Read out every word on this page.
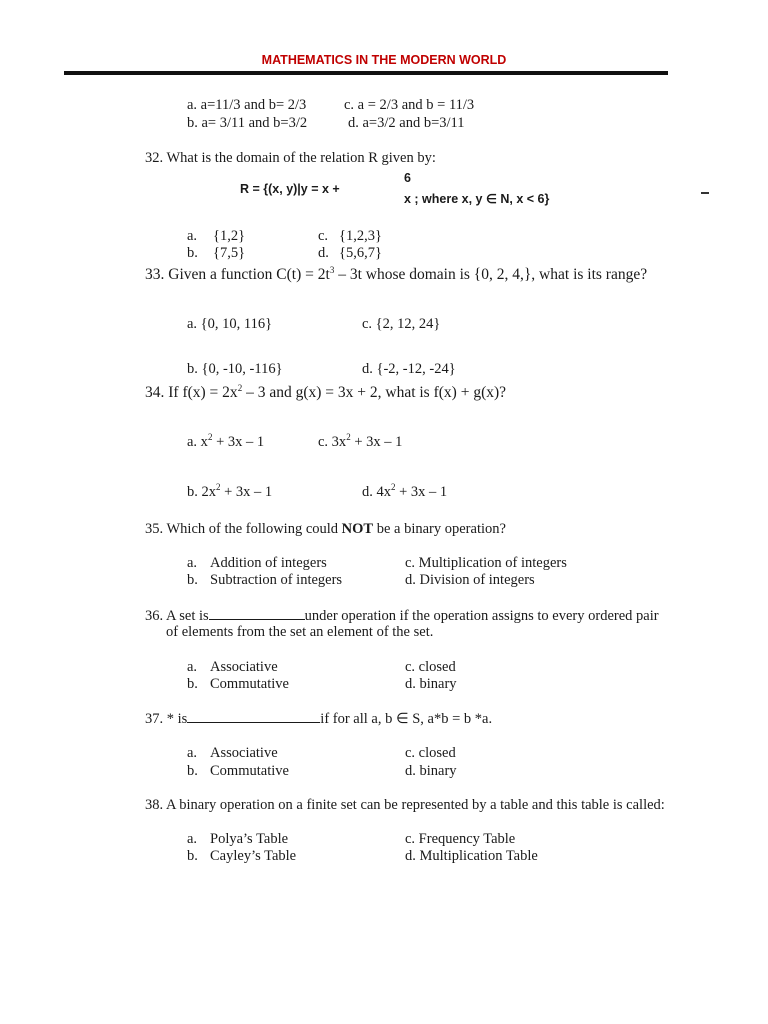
MATHEMATICS IN THE MODERN WORLD
a. a=11/3 and b= 2/3	c. a = 2/3 and b = 11/3
b. a= 3/11 and b=3/2	d. a=3/2 and b=3/11
32. What is the domain of the relation R given by:
R = {(x, y)|y = x +
6
x ; where x, y ∈ N, x < 6}
a. {1,2}
b. {7,5}
c. {1,2,3}
d. {5,6,7}
33. Given a function $C(t) = 2t^3 - 3t$ whose domain is {0, 2, 4,}, what is its range?
a. {0, 10, 116}	c. {2, 12, 24}
b. {0, -10, -116}	d. {-2, -12, -24}
34. If $f(x) = 2x^2 - 3$ and g(x) = 3x + 2, what is f(x) + g(x)?
a. $x^2 + 3x - 1$	c. $3x^2 + 3x - 1$
b. $2x^2 + 3x - 1$	d. $4x^2 + 3x - 1$
35. Which of the following could NOT be a binary operation?
a. Addition of integers
b. Subtraction of integers
c. Multiplication of integers
d. Division of integers
36. A set is	under operation if the operation assigns to every ordered pair
of elements from the set an element of the set.
a. Associative
b. Commutative
c. closed
d. binary
37. * is	if for all a, b ∈ S, a*b = b *a.
a. Associative
b. Commutative
c. closed
d. binary
38. A binary operation on a finite set can be represented by a table and this table is called:
a. Polya’s Table
b. Cayley’s Table
c. Frequency Table
d. Multiplication Table
